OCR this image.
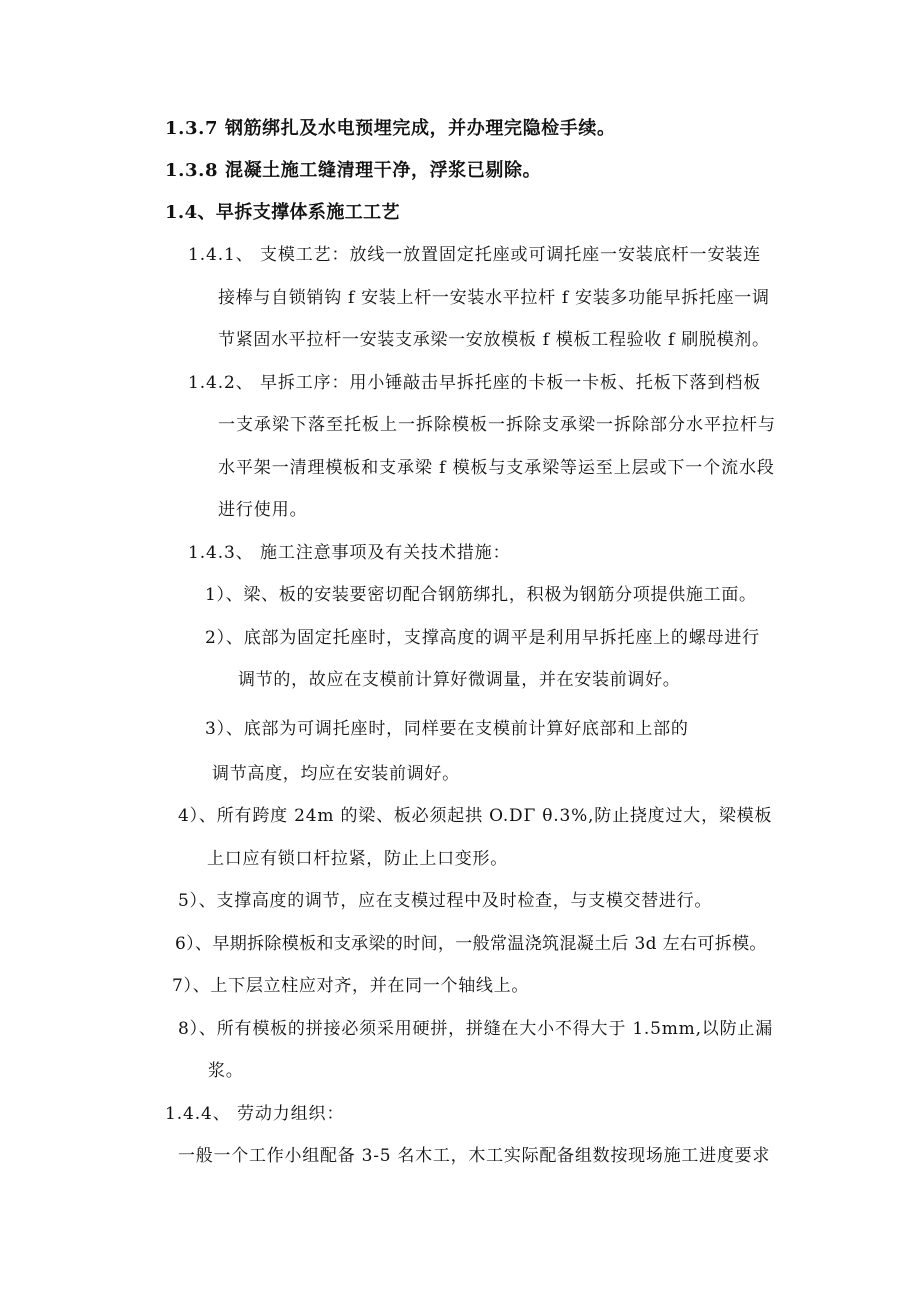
1.3.7 钢筋绑扎及水电预埋完成，并办理完隐检手续。
1.3.8 混凝土施工缝清理干净，浮浆已剔除。
1.4、早拆支撑体系施工工艺
1.4.1、 支模工艺：放线一放置固定托座或可调托座一安装底杆一安装连
接棒与自锁销钩 f 安装上杆一安装水平拉杆 f 安装多功能早拆托座一调
节紧固水平拉杆一安装支承梁一安放模板 f 模板工程验收 f 刷脱模剂。
1.4.2、 早拆工序：用小锤敲击早拆托座的卡板一卡板、托板下落到档板
一支承梁下落至托板上一拆除模板一拆除支承梁一拆除部分水平拉杆与
水平架一清理模板和支承梁 f 模板与支承梁等运至上层或下一个流水段
进行使用。
1.4.3、 施工注意事项及有关技术措施：
1）、梁、板的安装要密切配合钢筋绑扎，积极为钢筋分项提供施工面。
2）、底部为固定托座时，支撑高度的调平是利用早拆托座上的螺母进行
调节的，故应在支模前计算好微调量，并在安装前调好。
3）、底部为可调托座时，同样要在支模前计算好底部和上部的
调节高度，均应在安装前调好。
4）、所有跨度 24m 的梁、板必须起拱 O.DΓ θ.3%,防止挠度过大，梁模板
上口应有锁口杆拉紧，防止上口变形。
5）、支撑高度的调节，应在支模过程中及时检查，与支模交替进行。
6）、早期拆除模板和支承梁的时间，一般常温浇筑混凝土后 3d 左右可拆模。
7）、上下层立柱应对齐，并在同一个轴线上。
8）、所有模板的拼接必须采用硬拼，拼缝在大小不得大于 1.5mm,以防止漏
浆。
1.4.4、 劳动力组织：
一般一个工作小组配备 3-5 名木工，木工实际配备组数按现场施工进度要求
